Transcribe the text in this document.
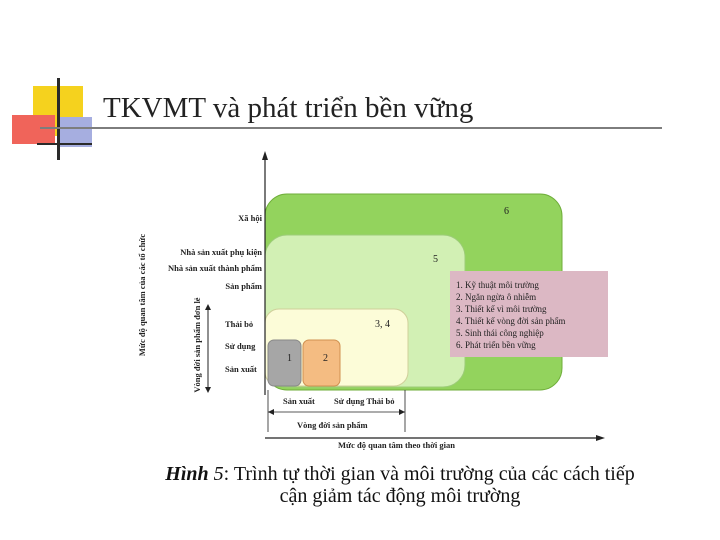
TKVMT và phát triển bền vững
6
5
3, 4
1	2
Xã hội
Nhà sản xuất phụ kiện
Nhà sản xuất thành phẩm
Sản phẩm
Thải bỏ
Sử dụng
Sản xuất
Mức độ quan tâm của các tổ chức	Vòng đời sản phẩm đơn lẻ
Sản xuất Sử dụng Thải bỏ
Vòng đời sản phẩm
Mức độ quan tâm theo thời gian
1. Kỹ thuật môi trường
2. Ngăn ngừa ô nhiễm
3. Thiết kế vì môi trường
4. Thiết kế vòng đời sản phẩm
5. Sinh thái công nghiệp
6. Phát triển bền vững
Hình 5: Trình tự thời gian và môi trường của các cách tiếp
cận giảm tác động môi trường
